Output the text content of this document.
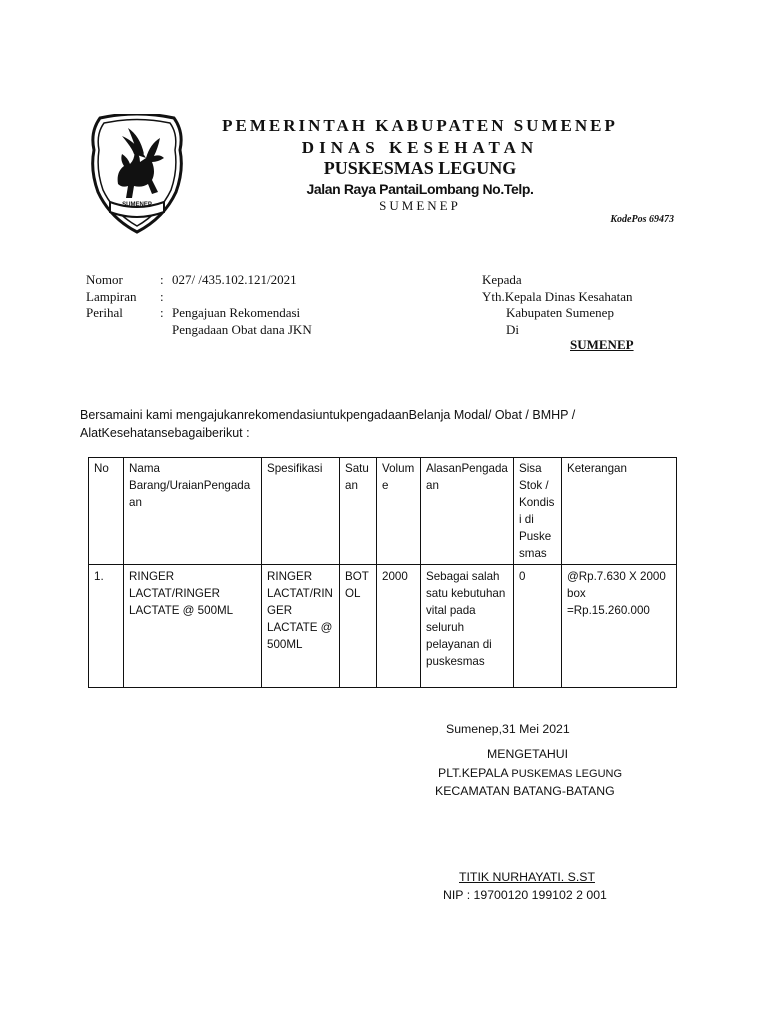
SUMENEP
PEMERINTAH KABUPATEN SUMENEP
DINAS KESEHATAN
PUSKESMAS LEGUNG
Jalan Raya PantaiLombang No.Telp.
SUMENEP
KodePos 69473
Nomor	: 027/ /435.102.121/2021
Lampiran	:
Perihal	: Pengajuan Rekomendasi
Pengadaan Obat dana JKN
Kepada
Yth.Kepala Dinas Kesahatan
Kabupaten Sumenep
Di
SUMENEP
Bersamaini kami mengajukanrekomendasiuntukpengadaanBelanja Modal/ Obat / BMHP / AlatKesehatansebagaiberikut :
No	Nama Barang/UraianPengadaan	Spesifikasi	Satuan	Volume	AlasanPengadaan	Sisa Stok / Kondisi di Puskesmas	Keterangan
1.	RINGER LACTAT/RINGER LACTATE @ 500ML	RINGER LACTAT/RINGER LACTATE @ 500ML	BOTOL	2000	Sebagai salah satu kebutuhan vital pada seluruh pelayanan di puskesmas	0	@Rp.7.630 X 2000 box =Rp.15.260.000
Sumenep,31 Mei 2021
MENGETAHUI
PLT.KEPALA PUSKEMAS LEGUNG
KECAMATAN BATANG-BATANG
TITIK NURHAYATI. S.ST
NIP : 19700120 199102 2 001
